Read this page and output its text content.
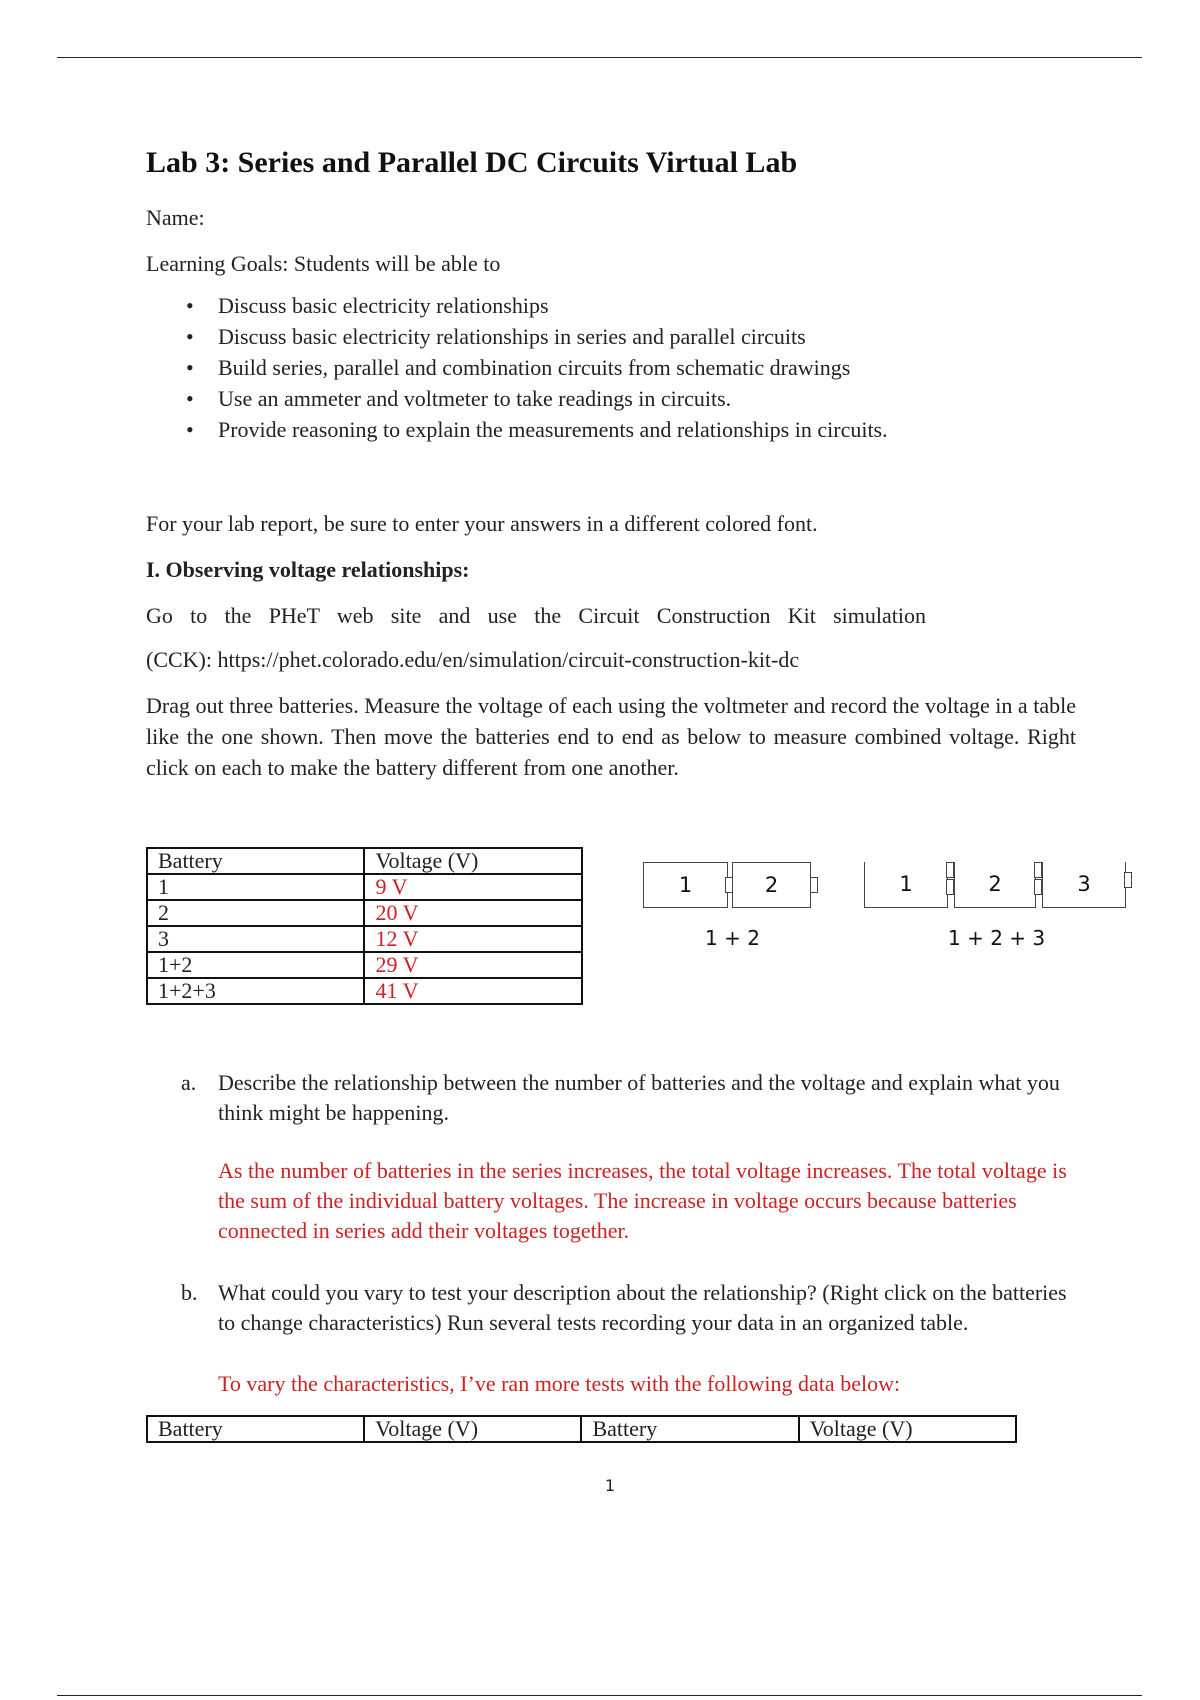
Lab 3: Series and Parallel DC Circuits Virtual Lab
Name:
Learning Goals: Students will be able to
• Discuss basic electricity relationships
• Discuss basic electricity relationships in series and parallel circuits
• Build series, parallel and combination circuits from schematic drawings
• Use an ammeter and voltmeter to take readings in circuits.
• Provide reasoning to explain the measurements and relationships in circuits.
For your lab report, be sure to enter your answers in a different colored font.
I. Observing voltage relationships:
Go to the PHeT web site and use the Circuit Construction Kit simulation
(CCK): https://phet.colorado.edu/en/simulation/circuit-construction-kit-dc
Drag out three batteries. Measure the voltage of each using the voltmeter and record the voltage in a table like the one shown. Then move the batteries end to end as below to measure combined voltage. Right click on each to make the battery different from one another.
Battery	Voltage (V)
1	9 V
2	20 V
3	12 V
1+2	29 V
1+2+3	41 V
1	2
1 + 2
1	2	3
1 + 2 + 3
a. Describe the relationship between the number of batteries and the voltage and explain what you think might be happening.
As the number of batteries in the series increases, the total voltage increases. The total voltage is the sum of the individual battery voltages. The increase in voltage occurs because batteries connected in series add their voltages together.
b. What could you vary to test your description about the relationship? (Right click on the batteries to change characteristics) Run several tests recording your data in an organized table.
To vary the characteristics, I’ve ran more tests with the following data below:
Battery	Voltage (V)	Battery	Voltage (V)
1
